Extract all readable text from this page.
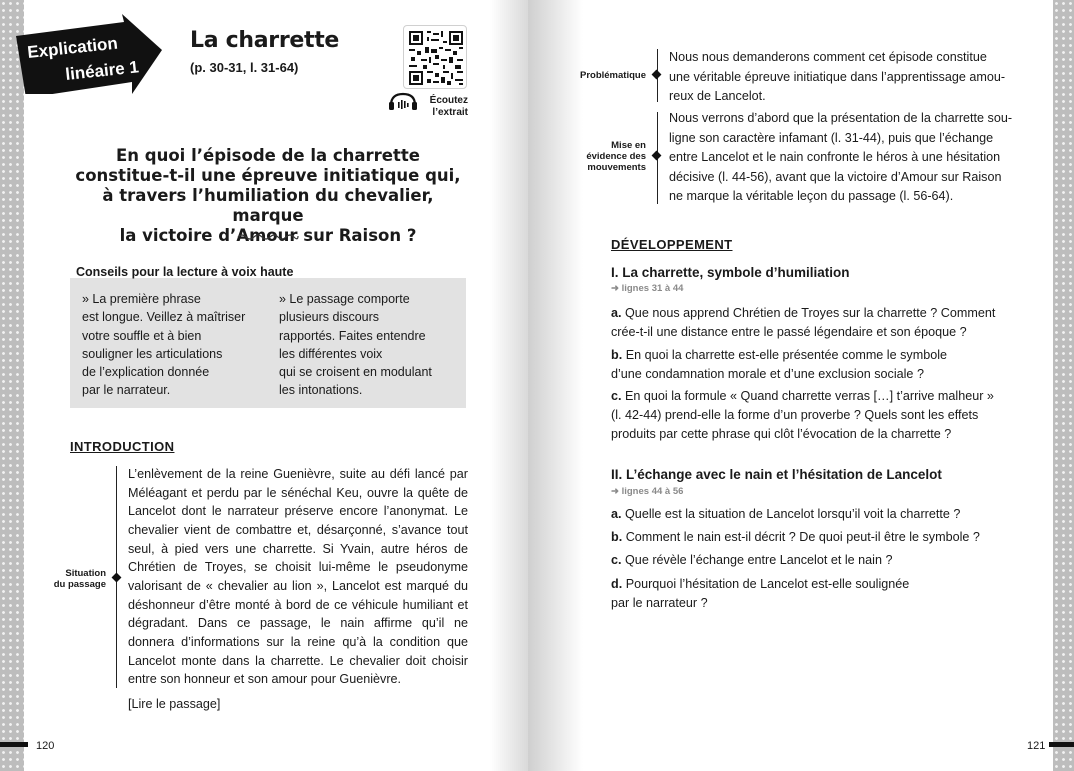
Explication
linéaire 1
La charrette
(p. 30-31, l. 31-64)
Écoutez
l’extrait
En quoi l’épisode de la charrette
constitue-t-il une épreuve initiatique qui,
à travers l’humiliation du chevalier, marque
la victoire d’Amour sur Raison ?
Conseils pour la lecture à voix haute
» La première phrase
est longue. Veillez à maîtriser
votre souffle et à bien
souligner les articulations
de l’explication donnée
par le narrateur.
» Le passage comporte
plusieurs discours
rapportés. Faites entendre
les différentes voix
qui se croisent en modulant
les intonations.
INTRODUCTION
Situation
du passage
L’enlèvement de la reine Guenièvre, suite au défi lancé par Méléagant et perdu par le sénéchal Keu, ouvre la quête de Lancelot dont le narrateur préserve encore l’anonymat. Le chevalier vient de combattre et, désarçonné, s’avance tout seul, à pied vers une charrette. Si Yvain, autre héros de Chrétien de Troyes, se choisit lui-même le pseudonyme valorisant de « chevalier au lion », Lancelot est marqué du déshonneur d’être monté à bord de ce véhicule humiliant et dégradant. Dans ce passage, le nain affirme qu’il ne donnera d’informations sur la reine qu’à la condition que Lancelot monte dans la charrette. Le chevalier doit choisir entre son honneur et son amour pour Guenièvre.
[Lire le passage]
120
Problématique
Nous nous demanderons comment cet épisode constitue
une véritable épreuve initiatique dans l’apprentissage amou-
reux de Lancelot.
Mise en
évidence des
mouvements
Nous verrons d’abord que la présentation de la charrette sou-
ligne son caractère infamant (l. 31-44), puis que l’échange
entre Lancelot et le nain confronte le héros à une hésitation
décisive (l. 44-56), avant que la victoire d’Amour sur Raison
ne marque la véritable leçon du passage (l. 56-64).
DÉVELOPPEMENT
I. La charrette, symbole d’humiliation
➜ lignes 31 à 44
a. Que nous apprend Chrétien de Troyes sur la charrette ? Comment
crée-t-il une distance entre le passé légendaire et son époque ?
b. En quoi la charrette est-elle présentée comme le symbole
d’une condamnation morale et d’une exclusion sociale ?
c. En quoi la formule « Quand charrette verras […] t’arrive malheur »
(l. 42-44) prend-elle la forme d’un proverbe ? Quels sont les effets
produits par cette phrase qui clôt l’évocation de la charrette ?
II. L’échange avec le nain et l’hésitation de Lancelot
➜ lignes 44 à 56
a. Quelle est la situation de Lancelot lorsqu’il voit la charrette ?
b. Comment le nain est-il décrit ? De quoi peut-il être le symbole ?
c. Que révèle l’échange entre Lancelot et le nain ?
d. Pourquoi l’hésitation de Lancelot est-elle soulignée
par le narrateur ?
121
